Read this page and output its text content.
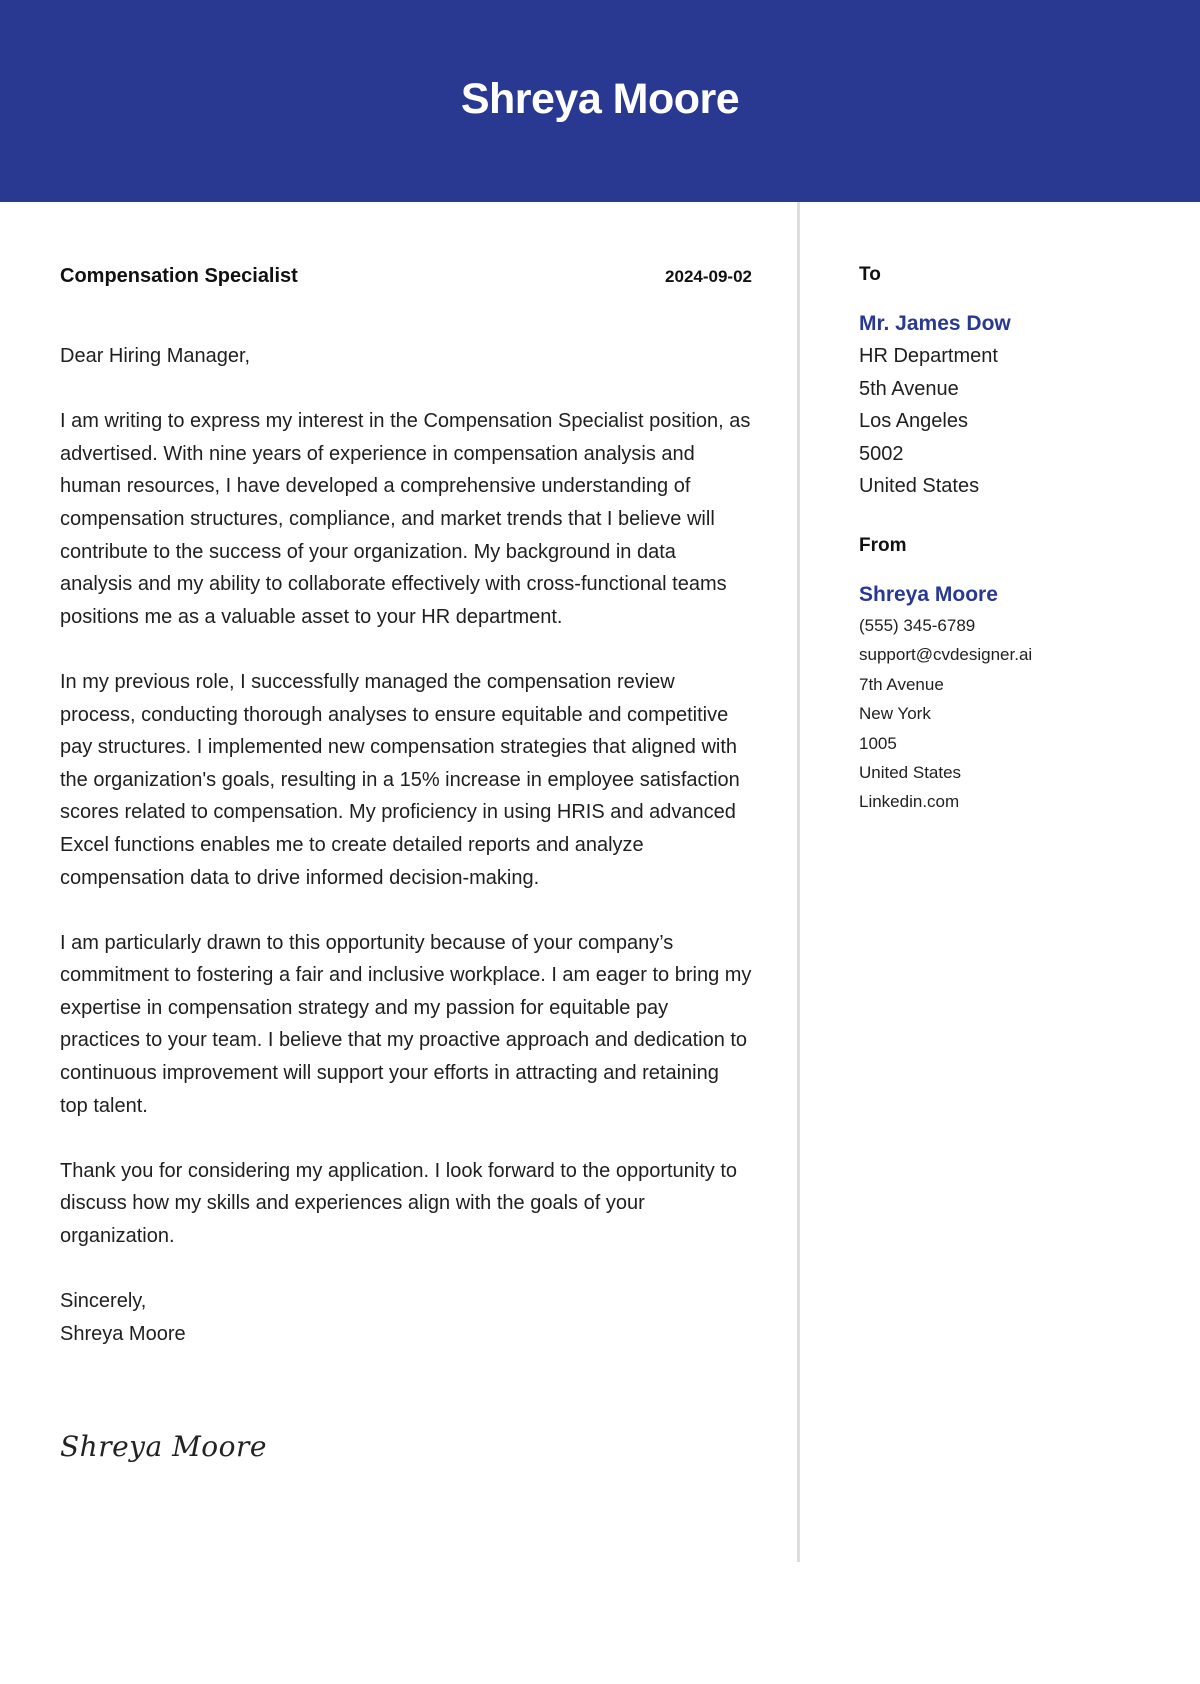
Shreya Moore
Compensation Specialist	2024-09-02

Dear Hiring Manager,

I am writing to express my interest in the Compensation Specialist position, as advertised. With nine years of experience in compensation analysis and human resources, I have developed a comprehensive understanding of compensation structures, compliance, and market trends that I believe will contribute to the success of your organization. My background in data analysis and my ability to collaborate effectively with cross-functional teams positions me as a valuable asset to your HR department.

In my previous role, I successfully managed the compensation review process, conducting thorough analyses to ensure equitable and competitive pay structures. I implemented new compensation strategies that aligned with the organization's goals, resulting in a 15% increase in employee satisfaction scores related to compensation. My proficiency in using HRIS and advanced Excel functions enables me to create detailed reports and analyze compensation data to drive informed decision-making.

I am particularly drawn to this opportunity because of your company’s commitment to fostering a fair and inclusive workplace. I am eager to bring my expertise in compensation strategy and my passion for equitable pay practices to your team. I believe that my proactive approach and dedication to continuous improvement will support your efforts in attracting and retaining top talent.

Thank you for considering my application. I look forward to the opportunity to discuss how my skills and experiences align with the goals of your organization.

Sincerely,

Shreya Moore

Shreya Moore

To

Mr. James Dow
HR Department
5th Avenue
Los Angeles
5002
United States

From

Shreya Moore
(555) 345-6789
support@cvdesigner.ai
7th Avenue
New York
1005
United States
Linkedin.com
